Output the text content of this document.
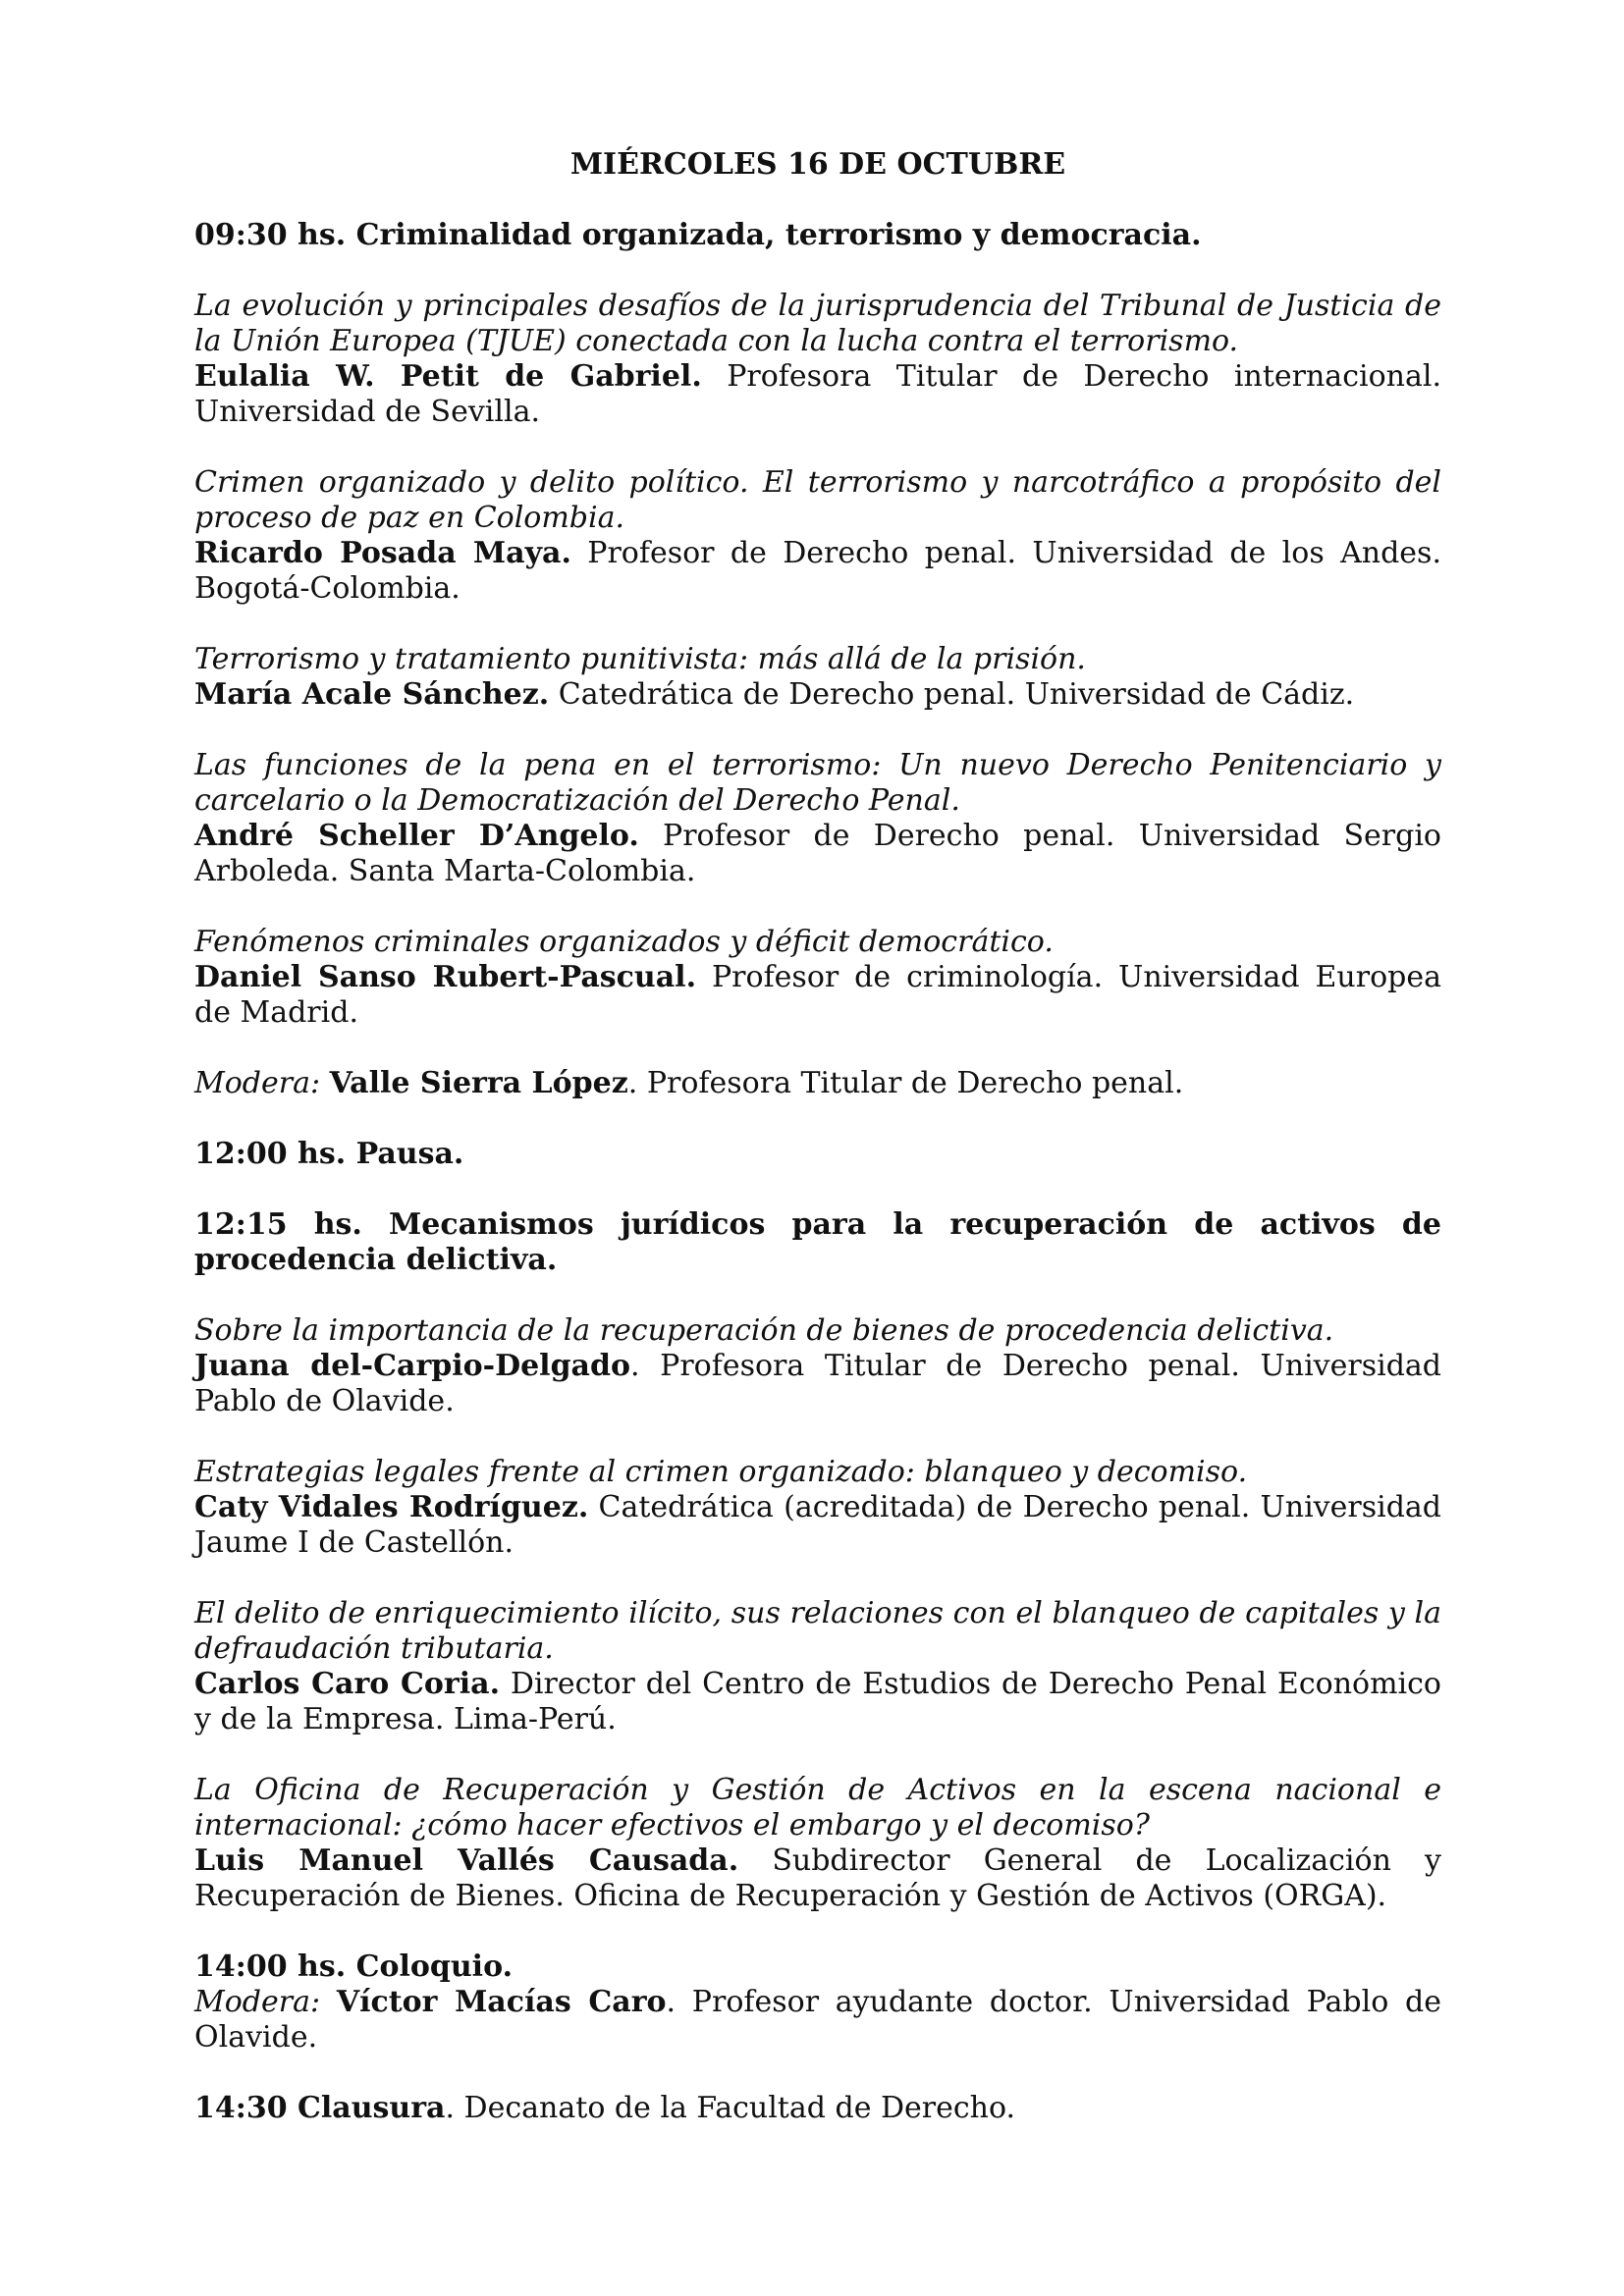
MIÉRCOLES 16 DE OCTUBRE
09:30 hs. Criminalidad organizada, terrorismo y democracia.
La evolución y principales desafíos de la jurisprudencia del Tribunal de Justicia de la Unión Europea (TJUE) conectada con la lucha contra el terrorismo.
Eulalia W. Petit de Gabriel. Profesora Titular de Derecho internacional. Universidad de Sevilla.
Crimen organizado y delito político. El terrorismo y narcotráfico a propósito del proceso de paz en Colombia.
Ricardo Posada Maya. Profesor de Derecho penal. Universidad de los Andes. Bogotá-Colombia.
Terrorismo y tratamiento punitivista: más allá de la prisión.
María Acale Sánchez. Catedrática de Derecho penal. Universidad de Cádiz.
Las funciones de la pena en el terrorismo: Un nuevo Derecho Penitenciario y carcelario o la Democratización del Derecho Penal.
André Scheller D’Angelo. Profesor de Derecho penal. Universidad Sergio Arboleda. Santa Marta-Colombia.
Fenómenos criminales organizados y déficit democrático.
Daniel Sanso Rubert-Pascual. Profesor de criminología. Universidad Europea de Madrid.
Modera: Valle Sierra López. Profesora Titular de Derecho penal.
12:00 hs. Pausa.
12:15 hs. Mecanismos jurídicos para la recuperación de activos de procedencia delictiva.
Sobre la importancia de la recuperación de bienes de procedencia delictiva.
Juana del-Carpio-Delgado. Profesora Titular de Derecho penal. Universidad Pablo de Olavide.
Estrategias legales frente al crimen organizado: blanqueo y decomiso.
Caty Vidales Rodríguez. Catedrática (acreditada) de Derecho penal. Universidad Jaume I de Castellón.
El delito de enriquecimiento ilícito, sus relaciones con el blanqueo de capitales y la defraudación tributaria.
Carlos Caro Coria. Director del Centro de Estudios de Derecho Penal Económico y de la Empresa. Lima-Perú.
La Oficina de Recuperación y Gestión de Activos en la escena nacional e internacional: ¿cómo hacer efectivos el embargo y el decomiso?
Luis Manuel Vallés Causada. Subdirector General de Localización y Recuperación de Bienes. Oficina de Recuperación y Gestión de Activos (ORGA).
14:00 hs. Coloquio.
Modera: Víctor Macías Caro. Profesor ayudante doctor. Universidad Pablo de Olavide.
14:30 Clausura. Decanato de la Facultad de Derecho.
